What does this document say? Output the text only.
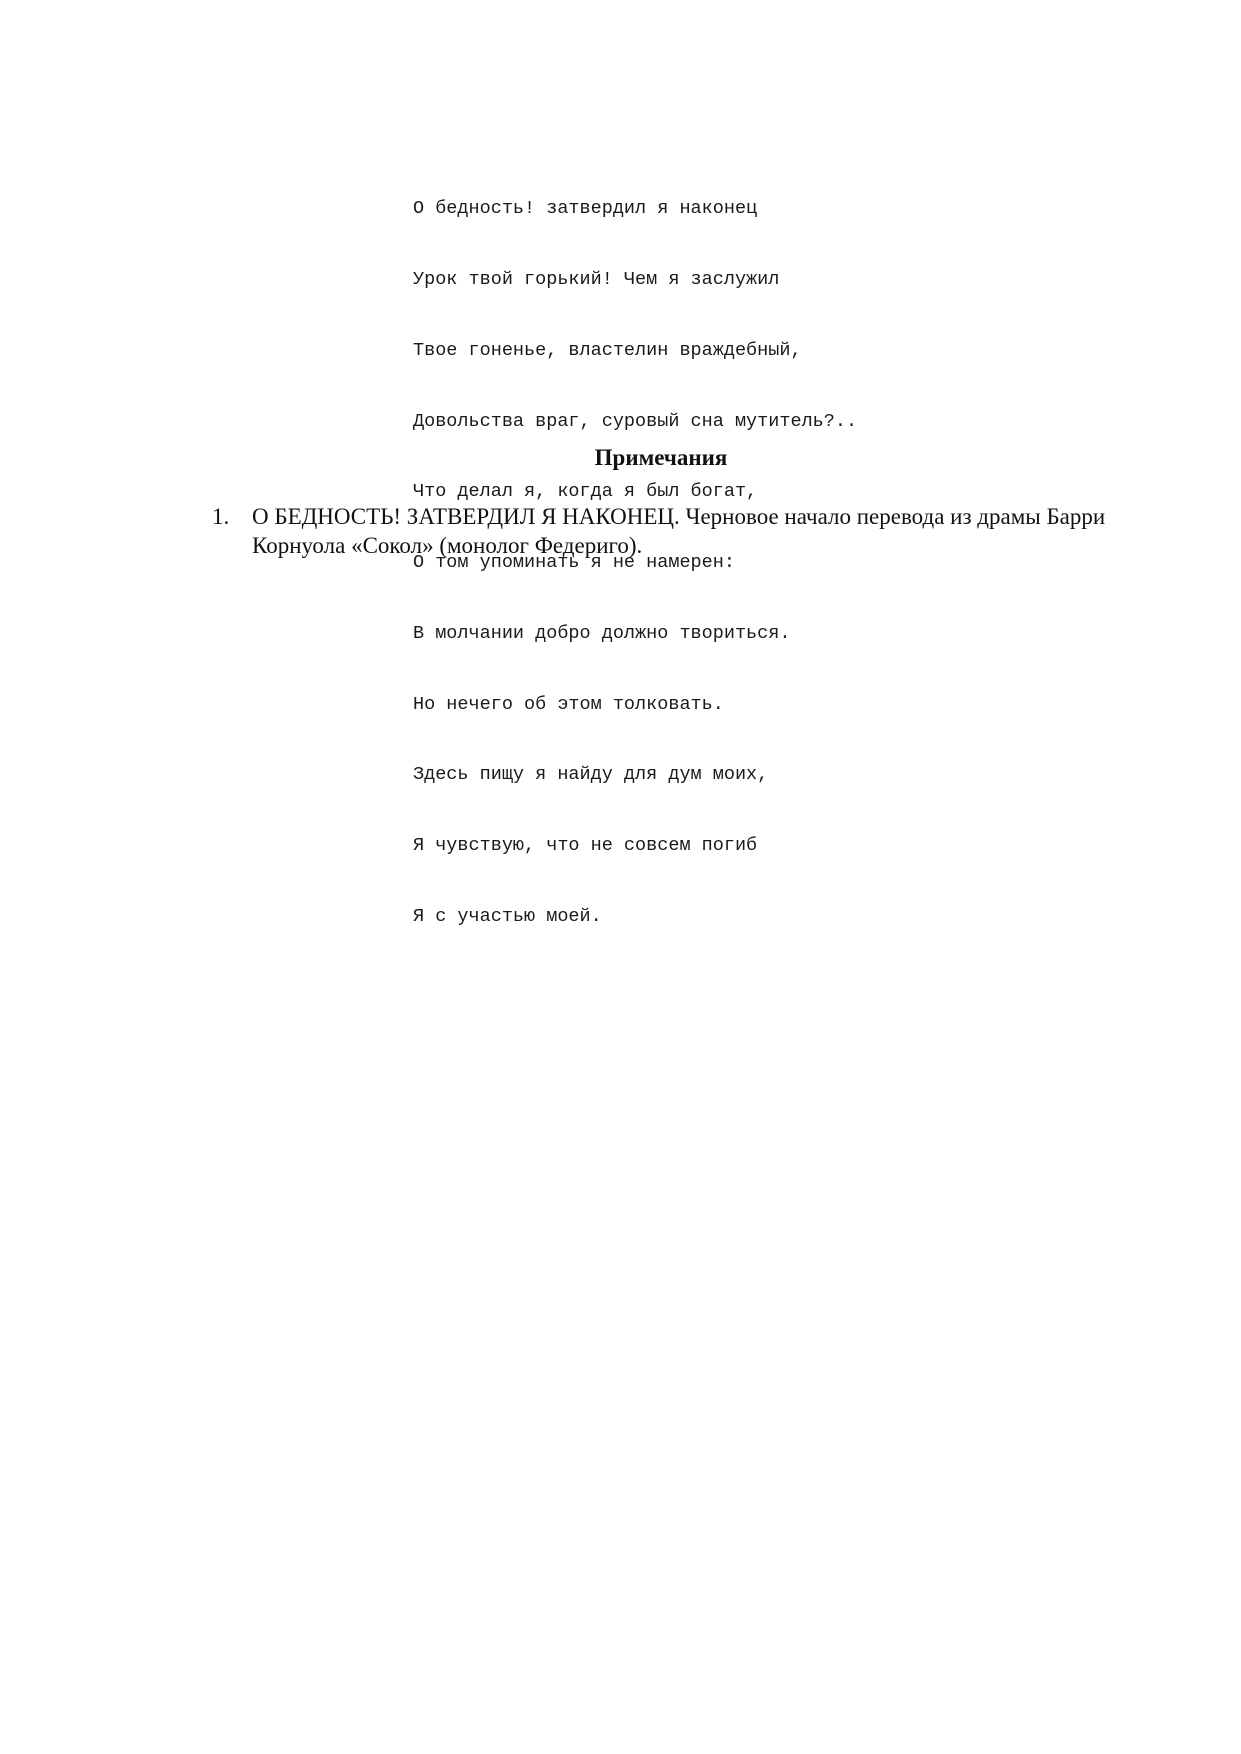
О бедность! затвердил я наконец

Урок твой горький! Чем я заслужил

Твое гоненье, властелин враждебный,

Довольства враг, суровый сна мутитель?..

Что делал я, когда я был богат,

О том упоминать я не намерен:

В молчании добро должно твориться.

Но нечего об этом толковать.

Здесь пищу я найду для дум моих,

Я чувствую, что не совсем погиб

Я с участью моей.

Примечания
1. О БЕДНОСТЬ! ЗАТВЕРДИЛ Я НАКОНЕЦ. Черновое начало перевода из драмы Барри Корнуола «Сокол» (монолог Федериго).
